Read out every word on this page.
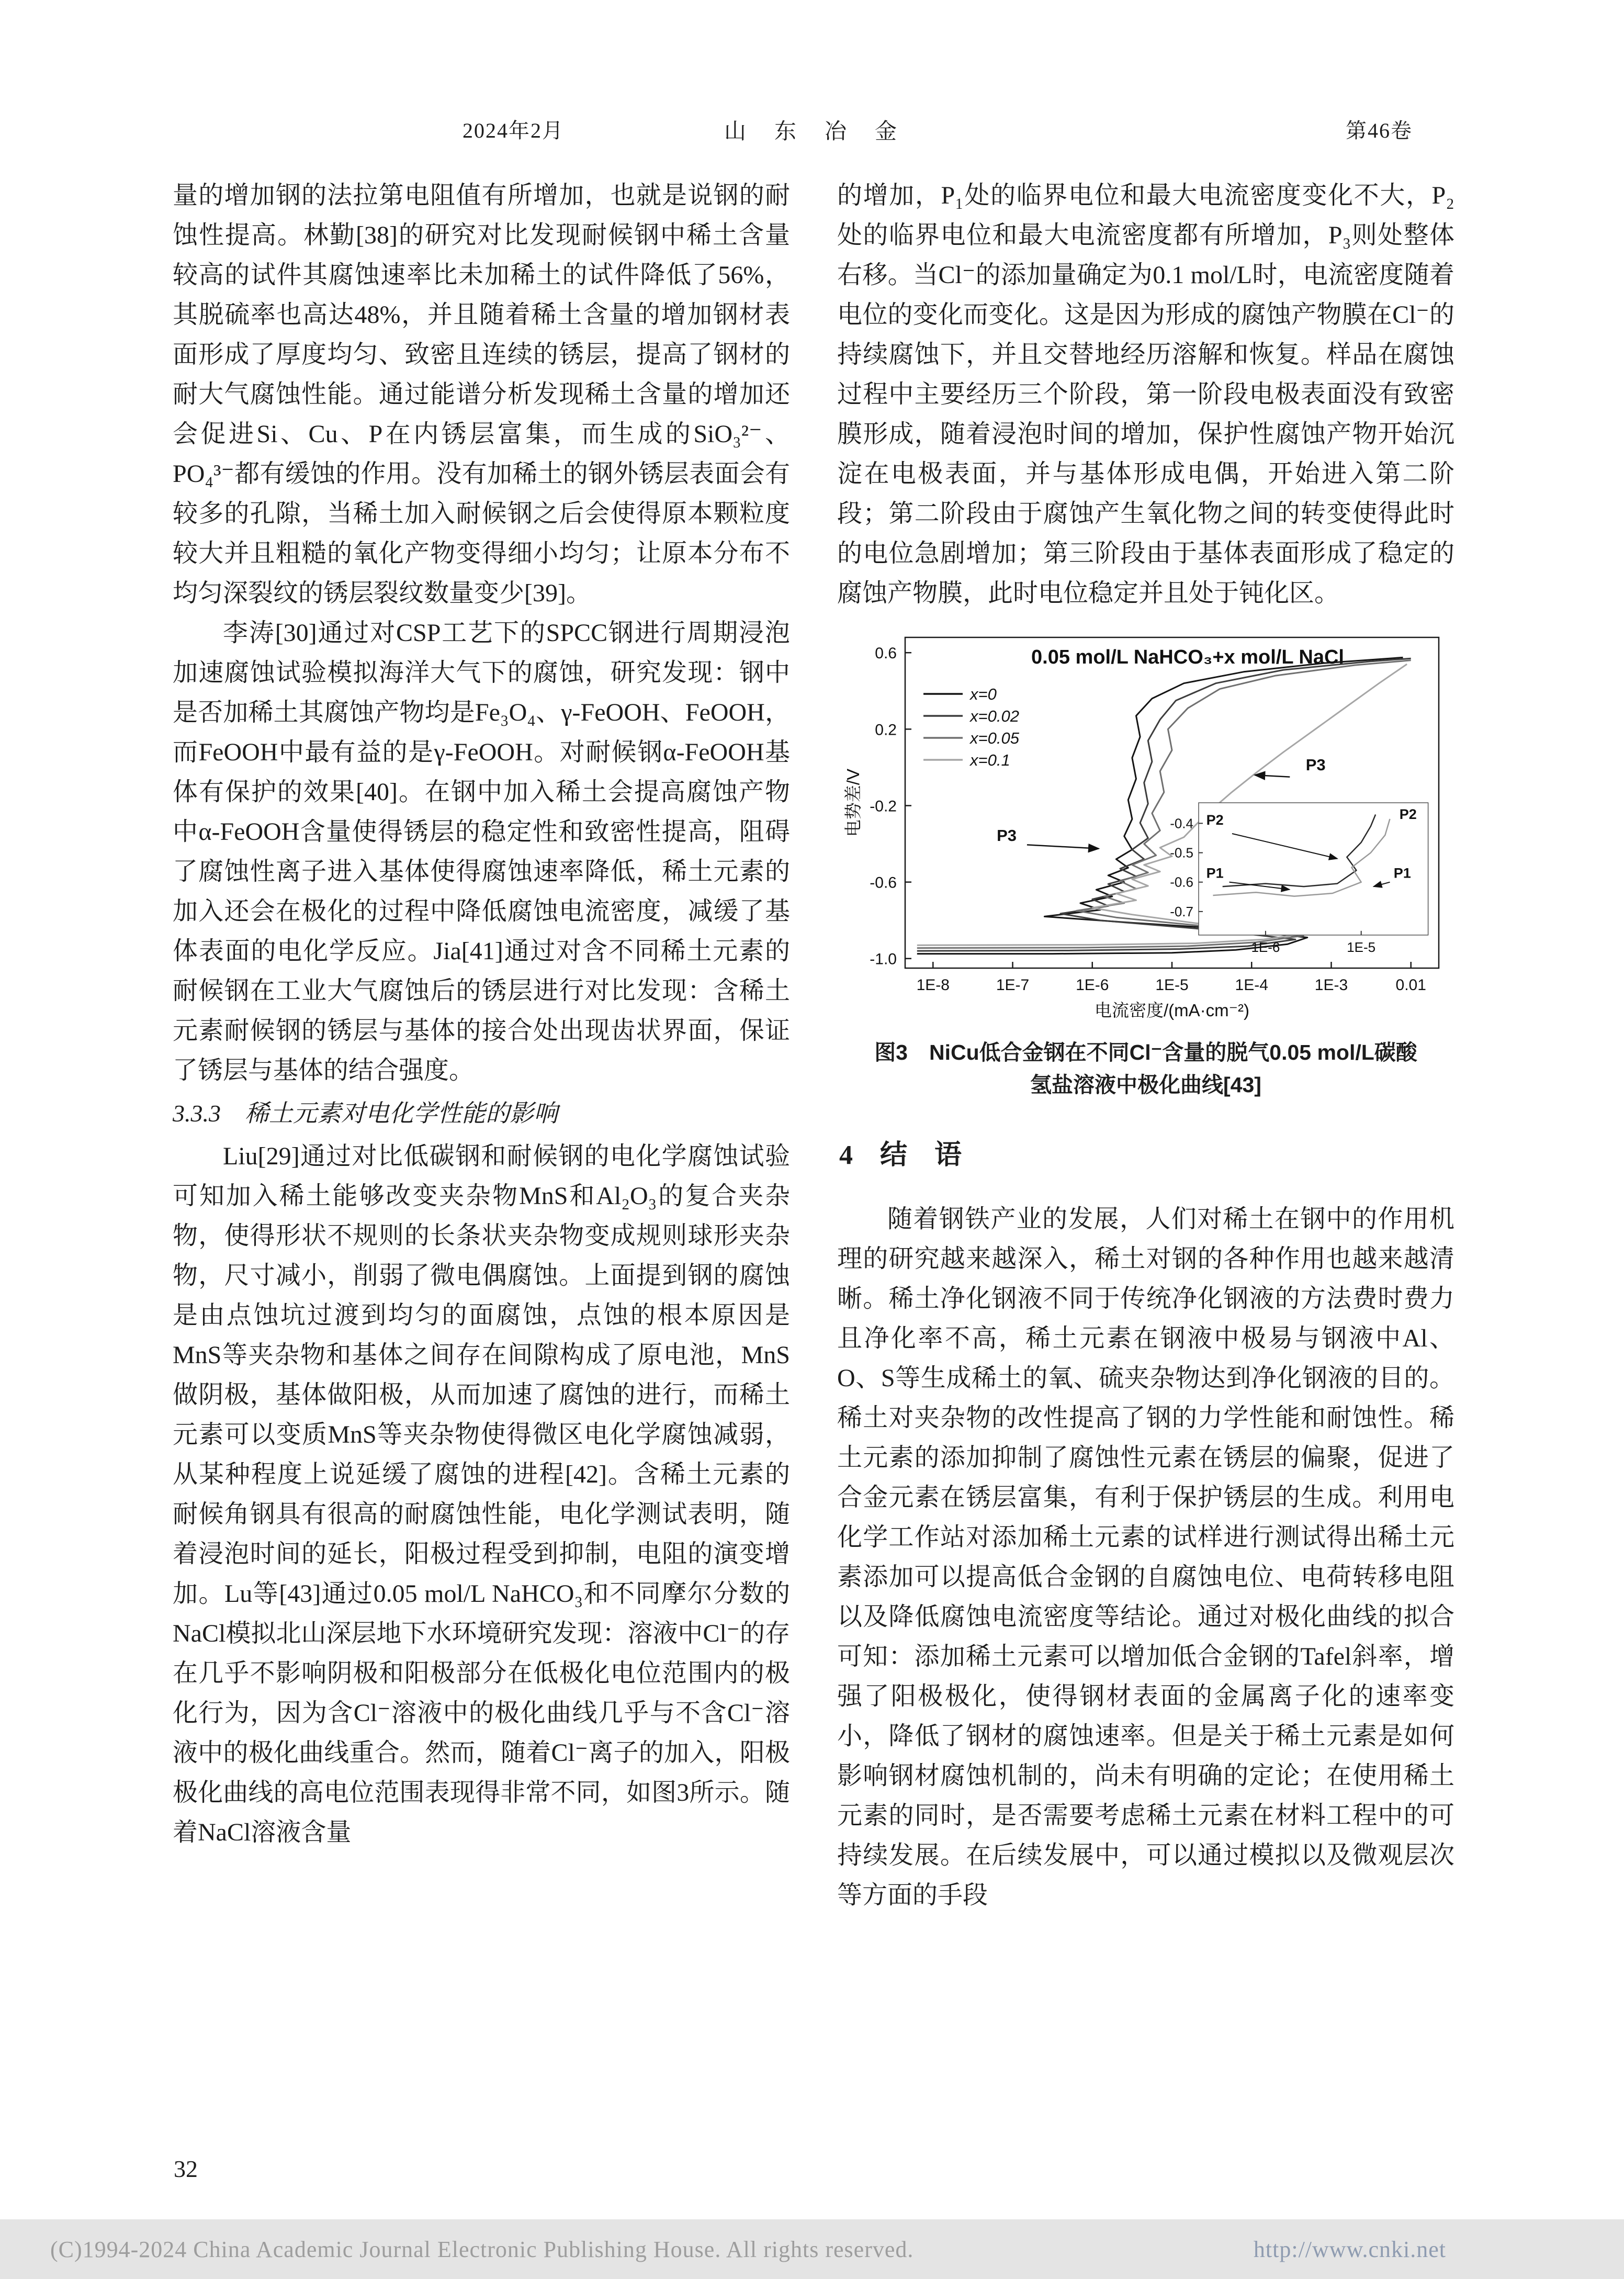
2024年2月	山　东　冶　金	第46卷

量的增加钢的法拉第电阻值有所增加，也就是说钢的耐蚀性提高。林勤[38]的研究对比发现耐候钢中稀土含量较高的试件其腐蚀速率比未加稀土的试件降低了56%，其脱硫率也高达48%，并且随着稀土含量的增加钢材表面形成了厚度均匀、致密且连续的锈层，提高了钢材的耐大气腐蚀性能。通过能谱分析发现稀土含量的增加还会促进Si、Cu、P在内锈层富集，而生成的SiO₃²⁻、PO₄³⁻都有缓蚀的作用。没有加稀土的钢外锈层表面会有较多的孔隙，当稀土加入耐候钢之后会使得原本颗粒度较大并且粗糙的氧化产物变得细小均匀；让原本分布不均匀深裂纹的锈层裂纹数量变少[39]。

李涛[30]通过对CSP工艺下的SPCC钢进行周期浸泡加速腐蚀试验模拟海洋大气下的腐蚀，研究发现：钢中是否加稀土其腐蚀产物均是Fe₃O₄、γ-FeOOH、FeOOH，而FeOOH中最有益的是γ-FeOOH。对耐候钢α-FeOOH基体有保护的效果[40]。在钢中加入稀土会提高腐蚀产物中α-FeOOH含量使得锈层的稳定性和致密性提高，阻碍了腐蚀性离子进入基体使得腐蚀速率降低，稀土元素的加入还会在极化的过程中降低腐蚀电流密度，减缓了基体表面的电化学反应。Jia[41]通过对含不同稀土元素的耐候钢在工业大气腐蚀后的锈层进行对比发现：含稀土元素耐候钢的锈层与基体的接合处出现齿状界面，保证了锈层与基体的结合强度。

3.3.3　稀土元素对电化学性能的影响

Liu[29]通过对比低碳钢和耐候钢的电化学腐蚀试验可知加入稀土能够改变夹杂物MnS和Al₂O₃的复合夹杂物，使得形状不规则的长条状夹杂物变成规则球形夹杂物，尺寸减小，削弱了微电偶腐蚀。上面提到钢的腐蚀是由点蚀坑过渡到均匀的面腐蚀，点蚀的根本原因是MnS等夹杂物和基体之间存在间隙构成了原电池，MnS做阴极，基体做阳极，从而加速了腐蚀的进行，而稀土元素可以变质MnS等夹杂物使得微区电化学腐蚀减弱，从某种程度上说延缓了腐蚀的进程[42]。含稀土元素的耐候角钢具有很高的耐腐蚀性能，电化学测试表明，随着浸泡时间的延长，阳极过程受到抑制，电阻的演变增加。Lu等[43]通过0.05 mol/L NaHCO₃和不同摩尔分数的NaCl模拟北山深层地下水环境研究发现：溶液中Cl⁻的存在几乎不影响阴极和阳极部分在低极化电位范围内的极化行为，因为含Cl⁻溶液中的极化曲线几乎与不含Cl⁻溶液中的极化曲线重合。然而，随着Cl⁻离子的加入，阳极极化曲线的高电位范围表现得非常不同，如图3所示。随着NaCl溶液含量

的增加，P₁处的临界电位和最大电流密度变化不大，P₂处的临界电位和最大电流密度都有所增加，P₃则处整体右移。当Cl⁻的添加量确定为0.1 mol/L时，电流密度随着电位的变化而变化。这是因为形成的腐蚀产物膜在Cl⁻的持续腐蚀下，并且交替地经历溶解和恢复。样品在腐蚀过程中主要经历三个阶段，第一阶段电极表面没有致密膜形成，随着浸泡时间的增加，保护性腐蚀产物开始沉淀在电极表面，并与基体形成电偶，开始进入第二阶段；第二阶段由于腐蚀产生氧化物之间的转变使得此时的电位急剧增加；第三阶段由于基体表面形成了稳定的腐蚀产物膜，此时电位稳定并且处于钝化区。

1E-8	1E-7	1E-6	1E-5	1E-4	1E-3	0.01
0.6
0.2
-0.2
-0.6
-1.0
电流密度/(mA·cm⁻²)
电势差/V
0.05 mol/L NaHCO₃+x mol/L NaCl
x=0
x=0.02
x=0.05
x=0.1
P3
P3
1E-6	1E-5
-0.4
-0.5
-0.6
-0.7
P2	P2
P1	P1
图3　NiCu低合金钢在不同Cl⁻含量的脱气0.05 mol/L碳酸氢盐溶液中极化曲线[43]
4　结　语

随着钢铁产业的发展，人们对稀土在钢中的作用机理的研究越来越深入，稀土对钢的各种作用也越来越清晰。稀土净化钢液不同于传统净化钢液的方法费时费力且净化率不高，稀土元素在钢液中极易与钢液中Al、O、S等生成稀土的氧、硫夹杂物达到净化钢液的目的。稀土对夹杂物的改性提高了钢的力学性能和耐蚀性。稀土元素的添加抑制了腐蚀性元素在锈层的偏聚，促进了合金元素在锈层富集，有利于保护锈层的生成。利用电化学工作站对添加稀土元素的试样进行测试得出稀土元素添加可以提高低合金钢的自腐蚀电位、电荷转移电阻以及降低腐蚀电流密度等结论。通过对极化曲线的拟合可知：添加稀土元素可以增加低合金钢的Tafel斜率，增强了阳极极化，使得钢材表面的金属离子化的速率变小，降低了钢材的腐蚀速率。但是关于稀土元素是如何影响钢材腐蚀机制的，尚未有明确的定论；在使用稀土元素的同时，是否需要考虑稀土元素在材料工程中的可持续发展。在后续发展中，可以通过模拟以及微观层次等方面的手段

32
(C)1994-2024 China Academic Journal Electronic Publishing House. All rights reserved.	http://www.cnki.net
